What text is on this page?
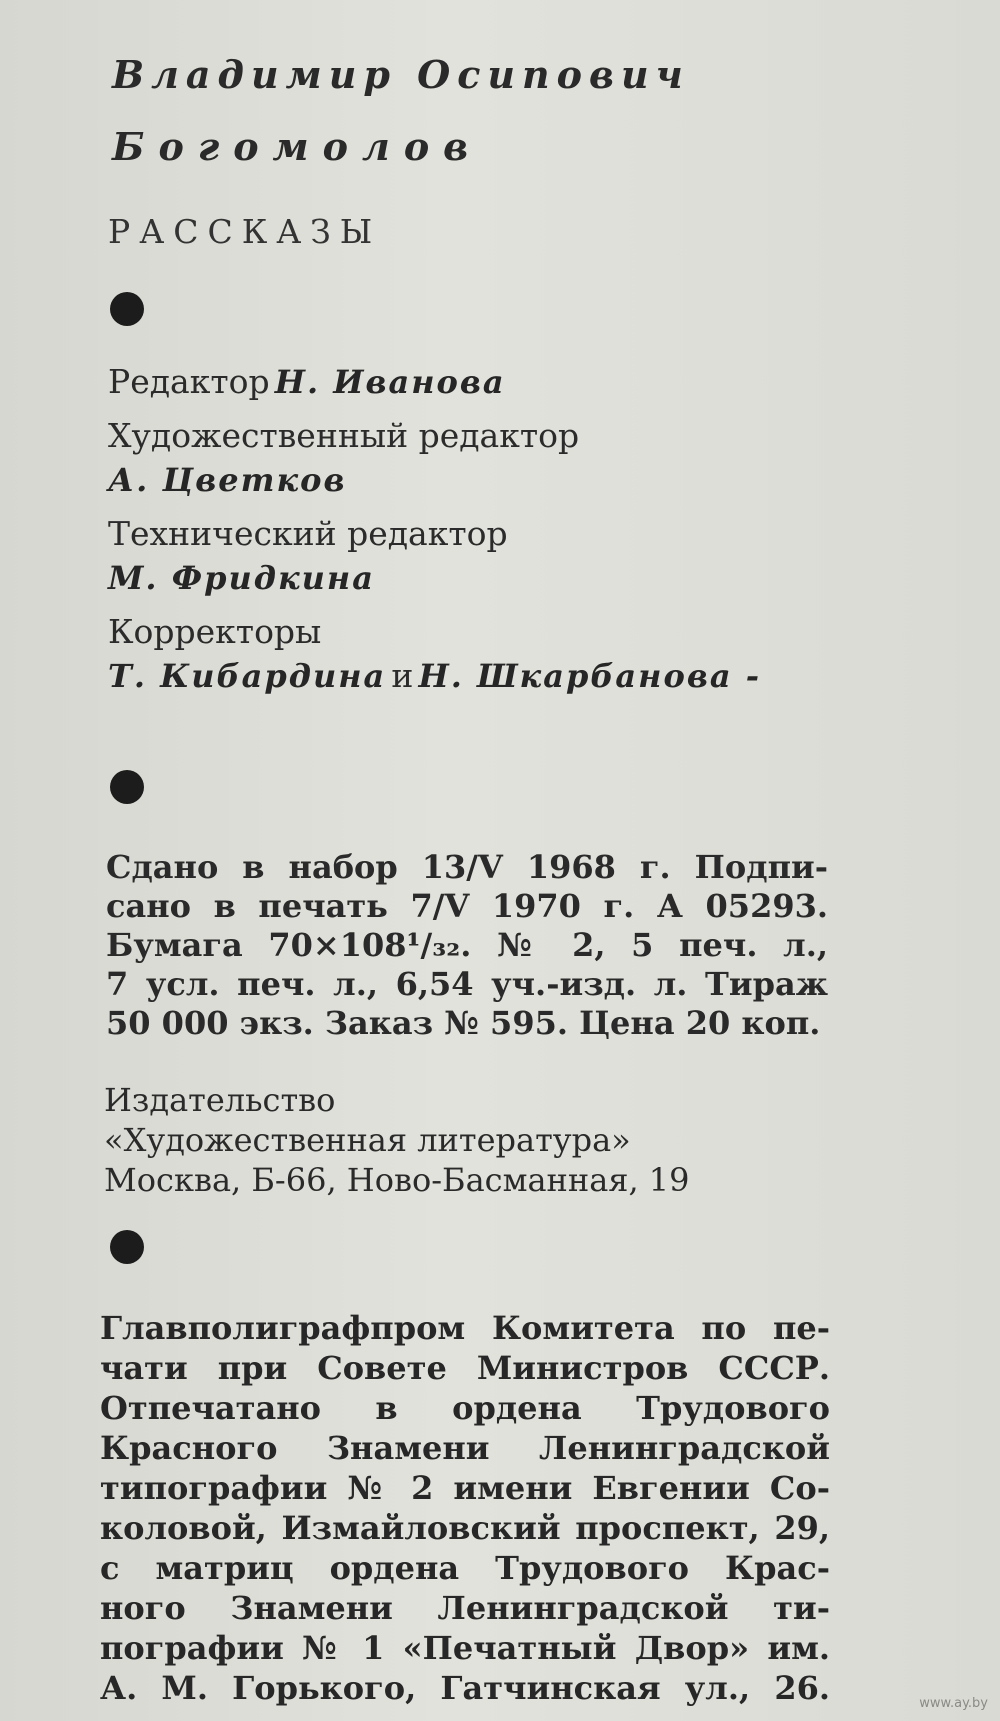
Владимир Осипович
Богомолов
РАССКАЗЫ
Редактор Н. Иванова
Художественный редактор
А. Цветков
Технический редактор
М. Фридкина
Корректоры
Т. Кибардина и Н. Шкарбанова -
Сдано в набор 13/V 1968 г. Подпи-
сано в печать 7/V 1970 г. А 05293.
Бумага 70×108¹/₃₂. № 2, 5 печ. л.,
7 усл. печ. л., 6,54 уч.-изд. л. Тираж
50 000 экз. Заказ № 595. Цена 20 коп.
Издательство
«Художественная литература»
Москва, Б-66, Ново-Басманная, 19
Главполиграфпром Комитета по пе-
чати при Совете Министров СССР.
Отпечатано в ордена Трудового
Красного Знамени Ленинградской
типографии № 2 имени Евгении Со-
коловой, Измайловский проспект, 29,
с матриц ордена Трудового Крас-
ного Знамени Ленинградской ти-
пографии № 1 «Печатный Двор» им.
А. М. Горького, Гатчинская ул., 26.	www.ay.by
